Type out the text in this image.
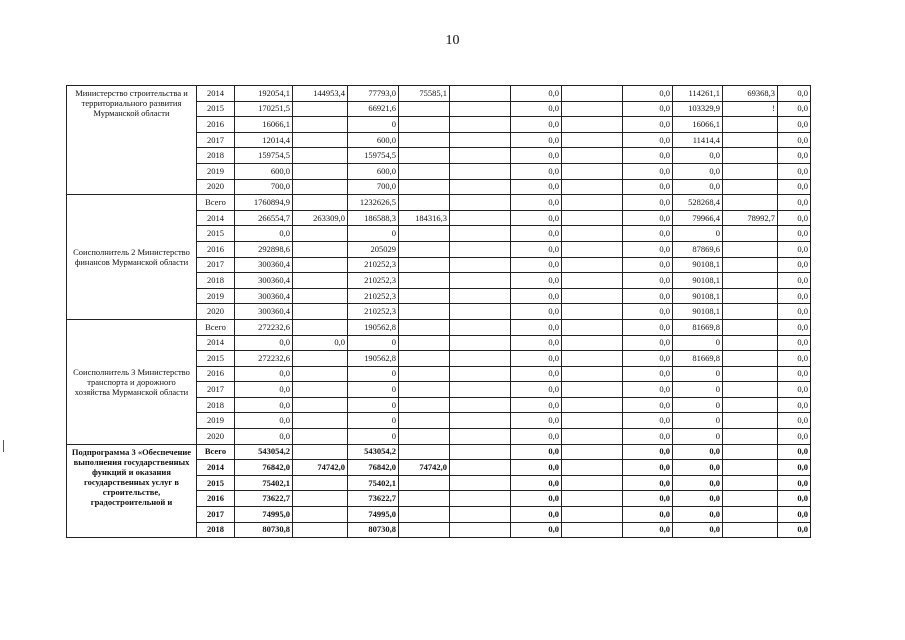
10
Министерство строительства и территориального развития Мурманской области	2014	192054,1	144953,4	77793,0	75585,1		0,0		0,0	114261,1	69368,3	0,0
	2015	170251,5		66921,6			0,0		0,0	103329,9	!	0,0
	2016	16066,1		0			0,0		0,0	16066,1		0,0
	2017	12014,4		600,0			0,0		0,0	11414,4		0,0
	2018	159754,5		159754,5			0,0		0,0	0,0		0,0
	2019	600,0		600,0			0,0		0,0	0,0		0,0
	2020	700,0		700,0			0,0		0,0	0,0		0,0
Соисполнитель 2 Министерство финансов Мурманской области	Всего	1760894,9		1232626,5			0,0		0,0	528268,4		0,0
	2014	266554,7	263309,0	186588,3	184316,3		0,0		0,0	79966,4	78992,7	0,0
	2015	0,0		0			0,0		0,0	0		0,0
	2016	292898,6		205029			0,0		0,0	87869,6		0,0
	2017	300360,4		210252,3			0,0		0,0	90108,1		0,0
	2018	300360,4		210252,3			0,0		0,0	90108,1		0,0
	2019	300360,4		210252,3			0,0		0,0	90108,1		0,0
	2020	300360,4		210252,3			0,0		0,0	90108,1		0,0
Соисполнитель 3 Министерство транспорта и дорожного хозяйства Мурманской области	Всего	272232,6		190562,8			0,0		0,0	81669,8		0,0
	2014	0,0	0,0	0			0,0		0,0	0		0,0
	2015	272232,6		190562,8			0,0		0,0	81669,8		0,0
	2016	0,0		0			0,0		0,0	0		0,0
	2017	0,0		0			0,0		0,0	0		0,0
	2018	0,0		0			0,0		0,0	0		0,0
	2019	0,0		0			0,0		0,0	0		0,0
	2020	0,0		0			0,0		0,0	0		0,0
Подпрограмма 3 «Обеспечение выполнения государственных функций и оказания государственных услуг в строительстве, градостроительной и	Всего	543054,2		543054,2			0,0		0,0	0,0		0,0
	2014	76842,0	74742,0	76842,0	74742,0		0,0		0,0	0,0		0,0
	2015	75402,1		75402,1			0,0		0,0	0,0		0,0
	2016	73622,7		73622,7			0,0		0,0	0,0		0,0
	2017	74995,0		74995,0			0,0		0,0	0,0		0,0
	2018	80730,8		80730,8			0,0		0,0	0,0		0,0
